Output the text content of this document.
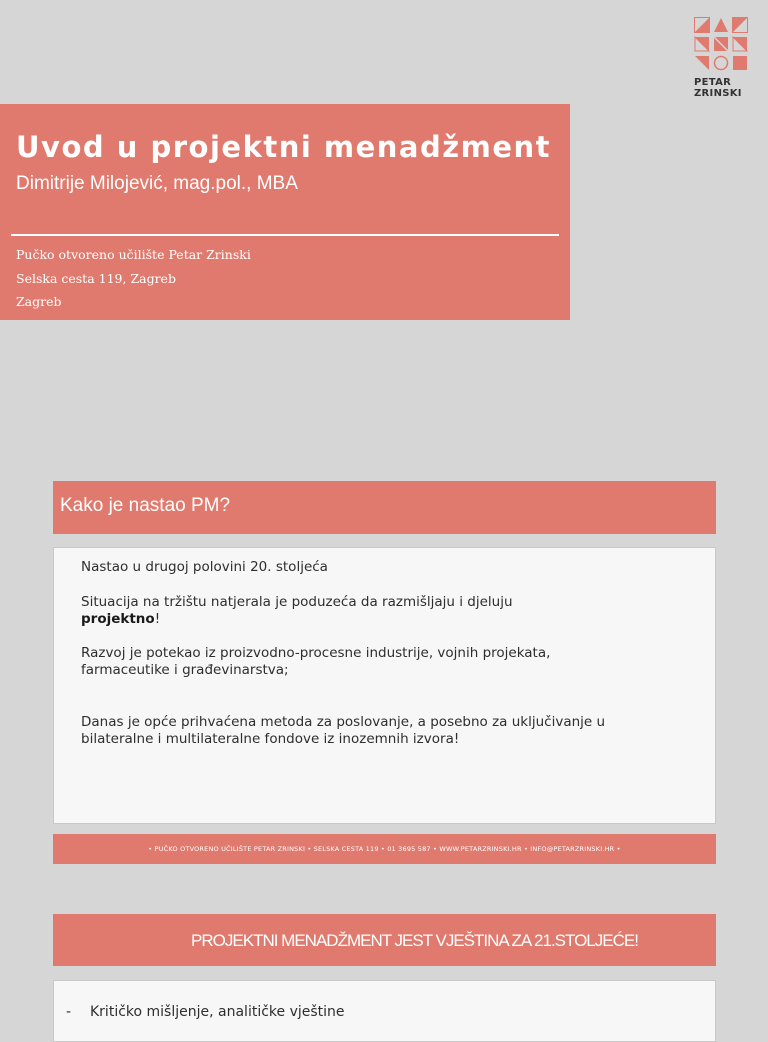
PETAR
ZRINSKI
Uvod u projektni menadžment

Dimitrije Milojević, mag.pol., MBA

Pučko otvoreno učilište Petar Zrinski
Selska cesta 119, Zagreb
Zagreb
Kako je nastao PM?

Nastao u drugoj polovini 20. stoljeća

Situacija na tržištu natjerala je poduzeća da razmišljaju i djeluju
projektno!

Razvoj je potekao iz proizvodno-procesne industrije, vojnih projekata, farmaceutike i građevinarstva;

Danas je opće prihvaćena metoda za poslovanje, a posebno za uključivanje u bilateralne i multilateralne fondove iz inozemnih izvora!

• PUČKO OTVORENO UČILIŠTE PETAR ZRINSKI • SELSKA CESTA 119 • 01 3695 587 • WWW.PETARZRINSKI.HR • INFO@PETARZRINSKI.HR •
PROJEKTNI MENADŽMENT JEST VJEŠTINA ZA 21.STOLJEĆE!
- Kritičko mišljenje, analitičke vještine
